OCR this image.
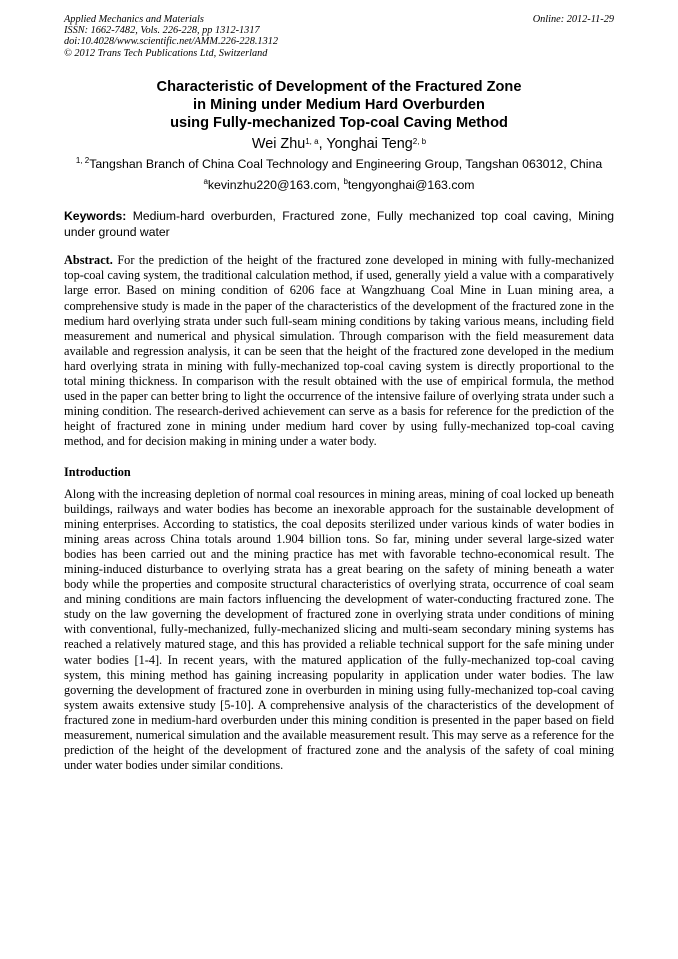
Applied Mechanics and Materials
ISSN: 1662-7482, Vols. 226-228, pp 1312-1317
doi:10.4028/www.scientific.net/AMM.226-228.1312
© 2012 Trans Tech Publications Ltd, Switzerland
Online: 2012-11-29
Characteristic of Development of the Fractured Zone
in Mining under Medium Hard Overburden
using Fully-mechanized Top-coal Caving Method
Wei Zhu$^{1, a}$, Yonghai Teng$^{2, b}$
$^{1, 2}$Tangshan Branch of China Coal Technology and Engineering Group, Tangshan 063012, China
$^a$kevinzhu220@163.com, $^b$tengyonghai@163.com
Keywords: Medium-hard overburden, Fractured zone, Fully mechanized top coal caving, Mining under ground water
Abstract. For the prediction of the height of the fractured zone developed in mining with fully-mechanized top-coal caving system, the traditional calculation method, if used, generally yield a value with a comparatively large error. Based on mining condition of 6206 face at Wangzhuang Coal Mine in Luan mining area, a comprehensive study is made in the paper of the characteristics of the development of the fractured zone in the medium hard overlying strata under such full-seam mining conditions by taking various means, including field measurement and numerical and physical simulation. Through comparison with the field measurement data available and regression analysis, it can be seen that the height of the fractured zone developed in the medium hard overlying strata in mining with fully-mechanized top-coal caving system is directly proportional to the total mining thickness. In comparison with the result obtained with the use of empirical formula, the method used in the paper can better bring to light the occurrence of the intensive failure of overlying strata under such a mining condition. The research-derived achievement can serve as a basis for reference for the prediction of the height of fractured zone in mining under medium hard cover by using fully-mechanized top-coal caving method, and for decision making in mining under a water body.
Introduction
Along with the increasing depletion of normal coal resources in mining areas, mining of coal locked up beneath buildings, railways and water bodies has become an inexorable approach for the sustainable development of mining enterprises. According to statistics, the coal deposits sterilized under various kinds of water bodies in mining areas across China totals around 1.904 billion tons. So far, mining under several large-sized water bodies has been carried out and the mining practice has met with favorable techno-economical result. The mining-induced disturbance to overlying strata has a great bearing on the safety of mining beneath a water body while the properties and composite structural characteristics of overlying strata, occurrence of coal seam and mining conditions are main factors influencing the development of water-conducting fractured zone. The study on the law governing the development of fractured zone in overlying strata under conditions of mining with conventional, fully-mechanized, fully-mechanized slicing and multi-seam secondary mining systems has reached a relatively matured stage, and this has provided a reliable technical support for the safe mining under water bodies [1-4]. In recent years, with the matured application of the fully-mechanized top-coal caving system, this mining method has gaining increasing popularity in application under water bodies. The law governing the development of fractured zone in overburden in mining using fully-mechanized top-coal caving system awaits extensive study [5-10]. A comprehensive analysis of the characteristics of the development of fractured zone in medium-hard overburden under this mining condition is presented in the paper based on field measurement, numerical simulation and the available measurement result. This may serve as a reference for the prediction of the height of the development of fractured zone and the analysis of the safety of coal mining under water bodies under similar conditions.
